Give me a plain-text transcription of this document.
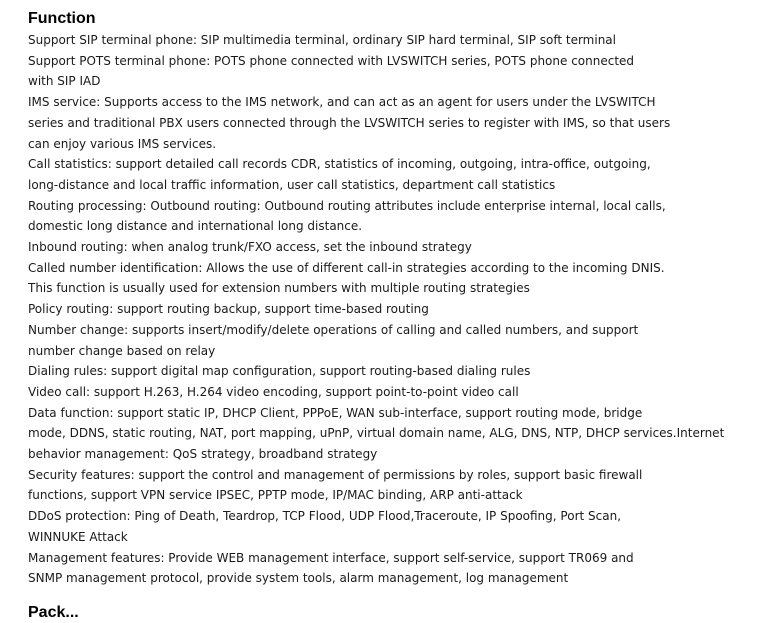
Function
Support SIP terminal phone: SIP multimedia terminal, ordinary SIP hard terminal, SIP soft terminal
Support POTS terminal phone: POTS phone connected with LVSWITCH series, POTS phone connected
with SIP IAD
IMS service: Supports access to the IMS network, and can act as an agent for users under the LVSWITCH
series and traditional PBX users connected through the LVSWITCH series to register with IMS, so that users
can enjoy various IMS services.
Call statistics: support detailed call records CDR, statistics of incoming, outgoing, intra-office, outgoing,
long-distance and local traffic information, user call statistics, department call statistics
Routing processing: Outbound routing: Outbound routing attributes include enterprise internal, local calls,
domestic long distance and international long distance.
Inbound routing: when analog trunk/FXO access, set the inbound strategy
Called number identification: Allows the use of different call-in strategies according to the incoming DNIS.
This function is usually used for extension numbers with multiple routing strategies
Policy routing: support routing backup, support time-based routing
Number change: supports insert/modify/delete operations of calling and called numbers, and support
number change based on relay
Dialing rules: support digital map configuration, support routing-based dialing rules
Video call: support H.263, H.264 video encoding, support point-to-point video call
Data function: support static IP, DHCP Client, PPPoE, WAN sub-interface, support routing mode, bridge
mode, DDNS, static routing, NAT, port mapping, uPnP, virtual domain name, ALG, DNS, NTP, DHCP services.Internet
behavior management: QoS strategy, broadband strategy
Security features: support the control and management of permissions by roles, support basic firewall
functions, support VPN service IPSEC, PPTP mode, IP/MAC binding, ARP anti-attack
DDoS protection: Ping of Death, Teardrop, TCP Flood, UDP Flood,Traceroute, IP Spoofing, Port Scan,
WINNUKE Attack
Management features: Provide WEB management interface, support self-service, support TR069 and
SNMP management protocol, provide system tools, alarm management, log management
Pack...
